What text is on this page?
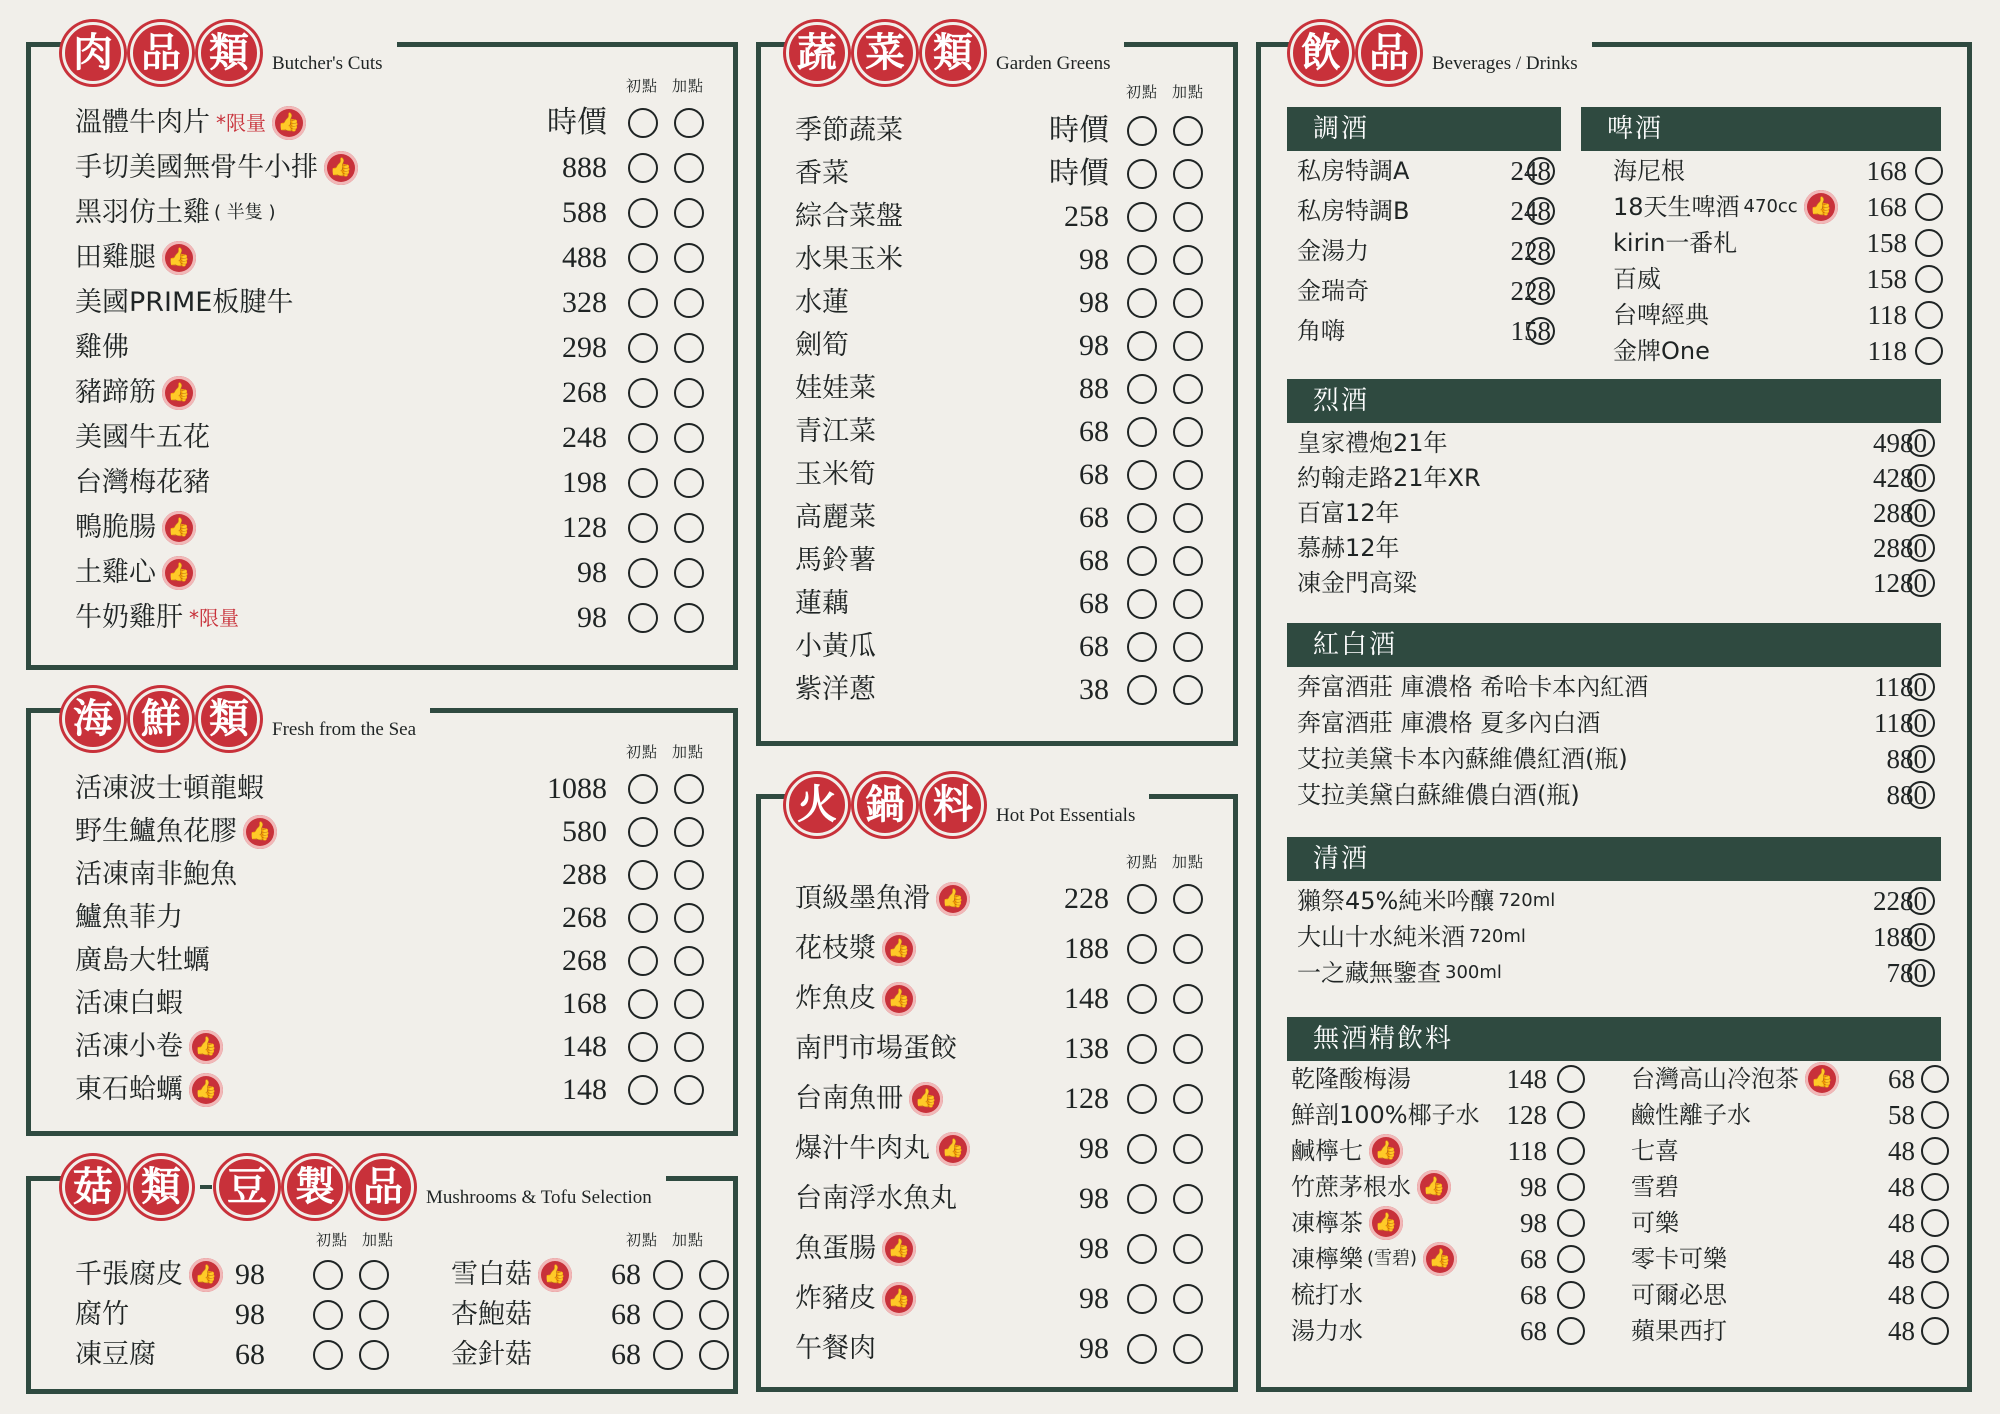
初點 加點
溫體牛肉片 *限量 👍	時價
手切美國無骨牛小排 👍	888
黑羽仿土雞 ( 半隻 )	588
田雞腿 👍	488
美國PRIME板腱牛	328
雞佛	298
豬蹄筋 👍	268
美國牛五花	248
台灣梅花豬	198
鴨脆腸 👍	128
土雞心 👍	98
牛奶雞肝 *限量	98
肉 品 類	Butcher's Cuts
初點 加點
活凍波士頓龍蝦	1088
野生鱸魚花膠 👍	580
活凍南非鮑魚	288
鱸魚菲力	268
廣島大牡蠣	268
活凍白蝦	168
活凍小卷 👍	148
東石蛤蠣 👍	148
海 鮮 類	Fresh from the Sea
初點 加點	初點 加點
千張腐皮 👍 98
腐竹	98
凍豆腐	68
雪白菇 👍 68
杏鮑菇	68
金針菇	68
菇 類 豆 製 品	Mushrooms & Tofu Selection
初點 加點
季節蔬菜	時價
香菜	時價
綜合菜盤	258
水果玉米	98
水蓮	98
劍筍	98
娃娃菜	88
青江菜	68
玉米筍	68
高麗菜	68
馬鈴薯	68
蓮藕	68
小黃瓜	68
紫洋蔥	38
蔬 菜 類	Garden Greens
初點 加點
頂級墨魚滑 👍	228
花枝漿 👍	188
炸魚皮 👍	148
南門市場蛋餃	138
台南魚冊 👍	128
爆汁牛肉丸 👍	98
台南浮水魚丸	98
魚蛋腸 👍	98
炸豬皮 👍	98
午餐肉	98
火 鍋 料	Hot Pot Essentials
調酒	啤酒
私房特調A	248
私房特調B	248
金湯力	228
金瑞奇	228
角嗨	158
海尼根	168
18天生啤酒 470cc 👍 168
kirin一番札	158
百威	158
台啤經典	118
金牌One	118
烈酒
皇家禮炮21年	4980
約翰走路21年XR	4280
百富12年	2880
慕赫12年	2880
凍金門高粱	1280
紅白酒
奔富酒莊 庫濃格 希哈卡本內紅酒	1180
奔富酒莊 庫濃格 夏多內白酒	1180
艾拉美黛卡本內蘇維儂紅酒(瓶)	880
艾拉美黛白蘇維儂白酒(瓶)	880
清酒
獺祭45%純米吟釀 720ml	2280
大山十水純米酒 720ml	1880
一之藏無鑒查 300ml	780
無酒精飲料
乾隆酸梅湯	148
鮮剖100%椰子水 128
鹹檸七 👍	118
竹蔗茅根水 👍	98
凍檸茶 👍	98
凍檸樂 (雪碧) 👍	68
梳打水	68
湯力水	68
台灣高山冷泡茶 👍 68
鹼性離子水	58
七喜	48
雪碧	48
可樂	48
零卡可樂	48
可爾必思	48
蘋果西打	48
飲 品	Beverages / Drinks
